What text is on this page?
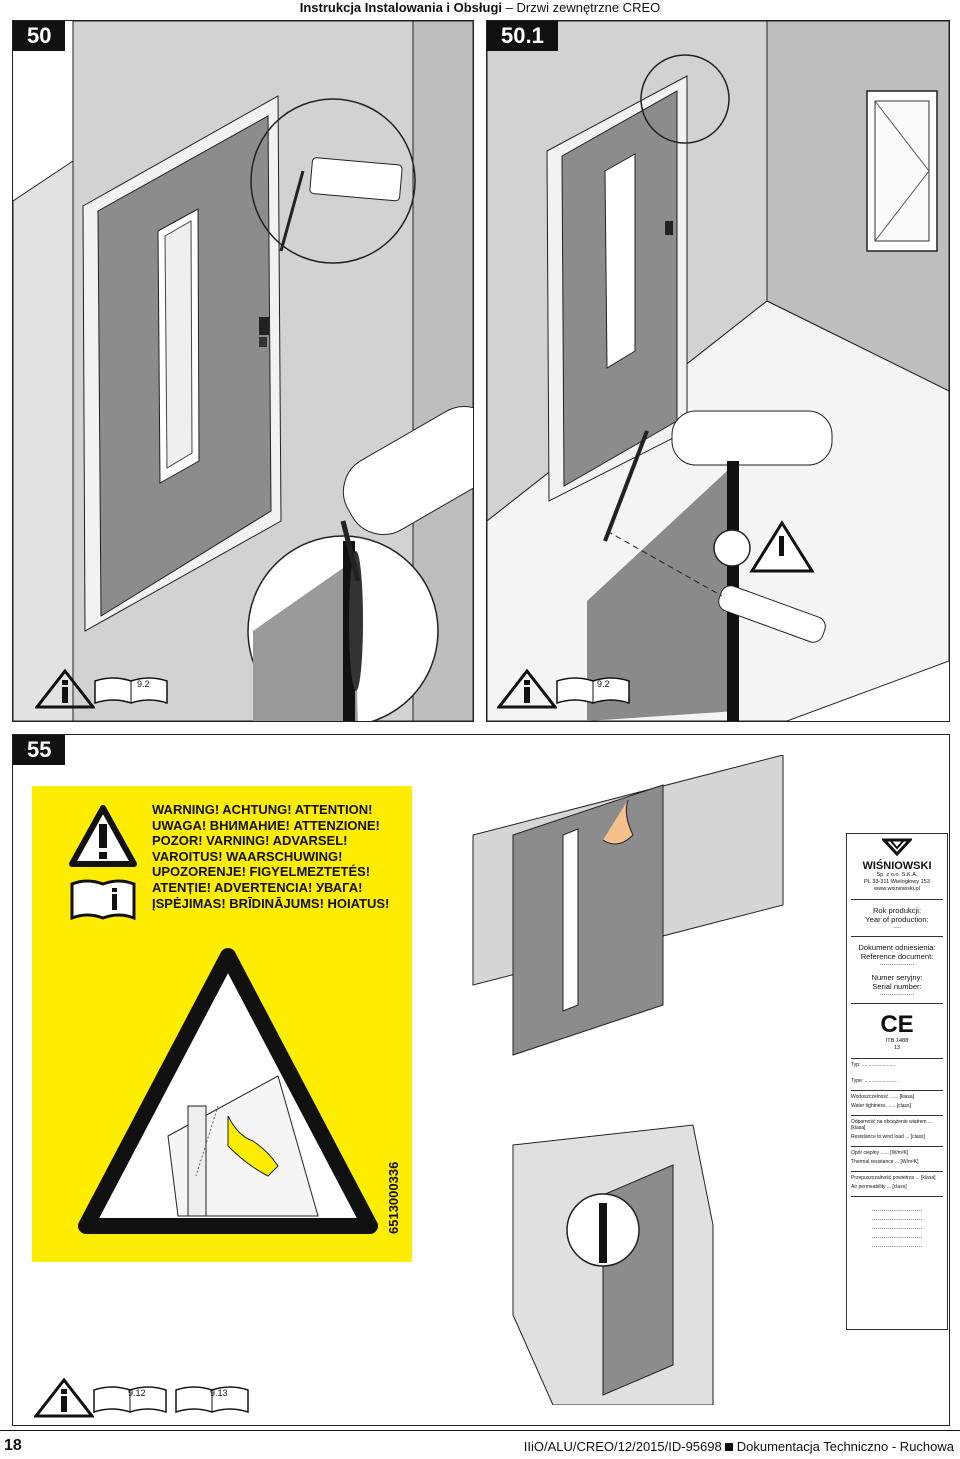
Instrukcja Instalowania i Obsługi – Drzwi zewnętrzne CREO
50
9.2
50.1
9.2
55
WARNING! ACHTUNG! ATTENTION!
UWAGA! ВНИМАНИЕ! ATTENZIONE!
POZOR! VARNING! ADVARSEL!
VAROITUS! WAARSCHUWING!
UPOZORENJE! FIGYELMEZTETÉS!
ATENȚIE! ADVERTENCIA! УВАГА!
ĮSPĖJIMAS! BRĪDINĀJUMS! HOIATUS!
6513000336
WIŚNIOWSKI
Sp. z o.o. S.K.A.
PL 33-311 Wielogłowy 153
www.wisniowski.pl
Rok produkcji:
Year of production:
....
Dokument odniesienia:
Reference document:
..................
Numer seryjny:
Serial number:
..................
CE
ITB 1488
13
Typ: ........................
Type: ........................
Wodoszczelność ...... [klasa]
Water tightness ...... [class]
Odporność na obciążenie wiatrem ... [klasa]
Resistance to wind load ... [class]
Opór cieplny ...... [W/m²K]
Thermal resistance ... [W/m²K]
Przepuszczalność powietrza ... [klasa]
Air permeability ... [class]
..........................
..........................
..........................
..........................
..........................
9.12	9.13
18	IIiO/ALU/CREO/12/2015/ID-95698 Dokumentacja Techniczno - Ruchowa
